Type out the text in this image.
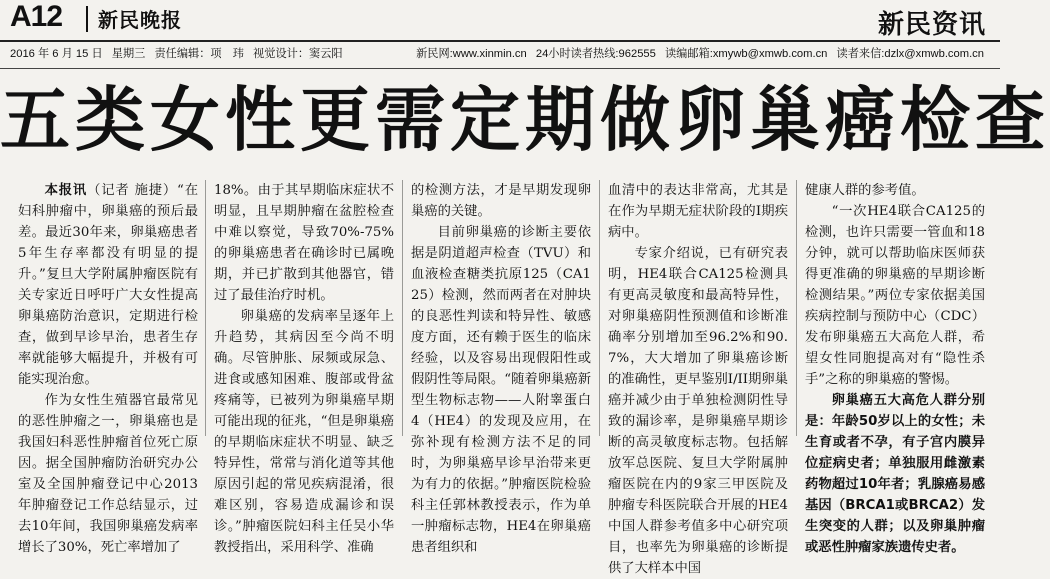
A12 新民晚报	新民资讯
2016 年 6 月 15 日 星期三 责任编辑：项　玮 视觉设计：窦云阳	新民网:www.xinmin.cn 24小时读者热线:962555 读编邮箱:xmywb@xmwb.com.cn 读者来信:dzlx@xmwb.com.cn
五类女性更需定期做卵巢癌检查

本报讯（记者 施捷）“在妇科肿瘤中，卵巢癌的预后最差。最近30年来，卵巢癌患者5年生存率都没有明显的提升。”复旦大学附属肿瘤医院有关专家近日呼吁广大女性提高卵巢癌防治意识，定期进行检查，做到早诊早治，患者生存率就能够大幅提升，并极有可能实现治愈。

作为女性生殖器官最常见的恶性肿瘤之一，卵巢癌也是我国妇科恶性肿瘤首位死亡原因。据全国肿瘤防治研究办公室及全国肿瘤登记中心2013年肿瘤登记工作总结显示，过去10年间，我国卵巢癌发病率增长了30%，死亡率增加了

18%。由于其早期临床症状不明显，且早期肿瘤在盆腔检查中难以察觉，导致70%-75%的卵巢癌患者在确诊时已属晚期，并已扩散到其他器官，错过了最佳治疗时机。

卵巢癌的发病率呈逐年上升趋势，其病因至今尚不明确。尽管肿胀、尿频或尿急、进食或感知困难、腹部或骨盆疼痛等，已被列为卵巢癌早期可能出现的征兆，“但是卵巢癌的早期临床症状不明显、缺乏特异性，常常与消化道等其他原因引起的常见疾病混淆，很难区别，容易造成漏诊和误诊。”肿瘤医院妇科主任吴小华教授指出，采用科学、准确

的检测方法，才是早期发现卵巢癌的关键。

目前卵巢癌的诊断主要依据是阴道超声检查（TVU）和血液检查糖类抗原125（CA125）检测，然而两者在对肿块的良恶性判读和特异性、敏感度方面，还有赖于医生的临床经验，以及容易出现假阳性或假阴性等局限。“随着卵巢癌新型生物标志物——人附睾蛋白4（HE4）的发现及应用，在弥补现有检测方法不足的同时，为卵巢癌早诊早治带来更为有力的依据。”肿瘤医院检验科主任郭林教授表示，作为单一肿瘤标志物，HE4在卵巢癌患者组织和

血清中的表达非常高，尤其是在作为早期无症状阶段的I期疾病中。

专家介绍说，已有研究表明，HE4联合CA125检测具有更高灵敏度和最高特异性，对卵巢癌阴性预测值和诊断准确率分别增加至96.2%和90.7%，大大增加了卵巢癌诊断的准确性，更早鉴别I/II期卵巢癌并减少由于单独检测阴性导致的漏诊率，是卵巢癌早期诊断的高灵敏度标志物。包括解放军总医院、复旦大学附属肿瘤医院在内的9家三甲医院及肿瘤专科医院联合开展的HE4中国人群参考值多中心研究项目，也率先为卵巢癌的诊断提供了大样本中国

健康人群的参考值。

“一次HE4联合CA125的检测，也许只需要一管血和18分钟，就可以帮助临床医师获得更准确的卵巢癌的早期诊断检测结果。”两位专家依据美国疾病控制与预防中心（CDC）发布卵巢癌五大高危人群，希望女性同胞提高对有“隐性杀手”之称的卵巢癌的警惕。

卵巢癌五大高危人群分别是：年龄50岁以上的女性；未生育或者不孕，有子宫内膜异位症病史者；单独服用雌激素药物超过10年者；乳腺癌易感基因（BRCA1或BRCA2）发生突变的人群；以及卵巢肿瘤或恶性肿瘤家族遗传史者。
